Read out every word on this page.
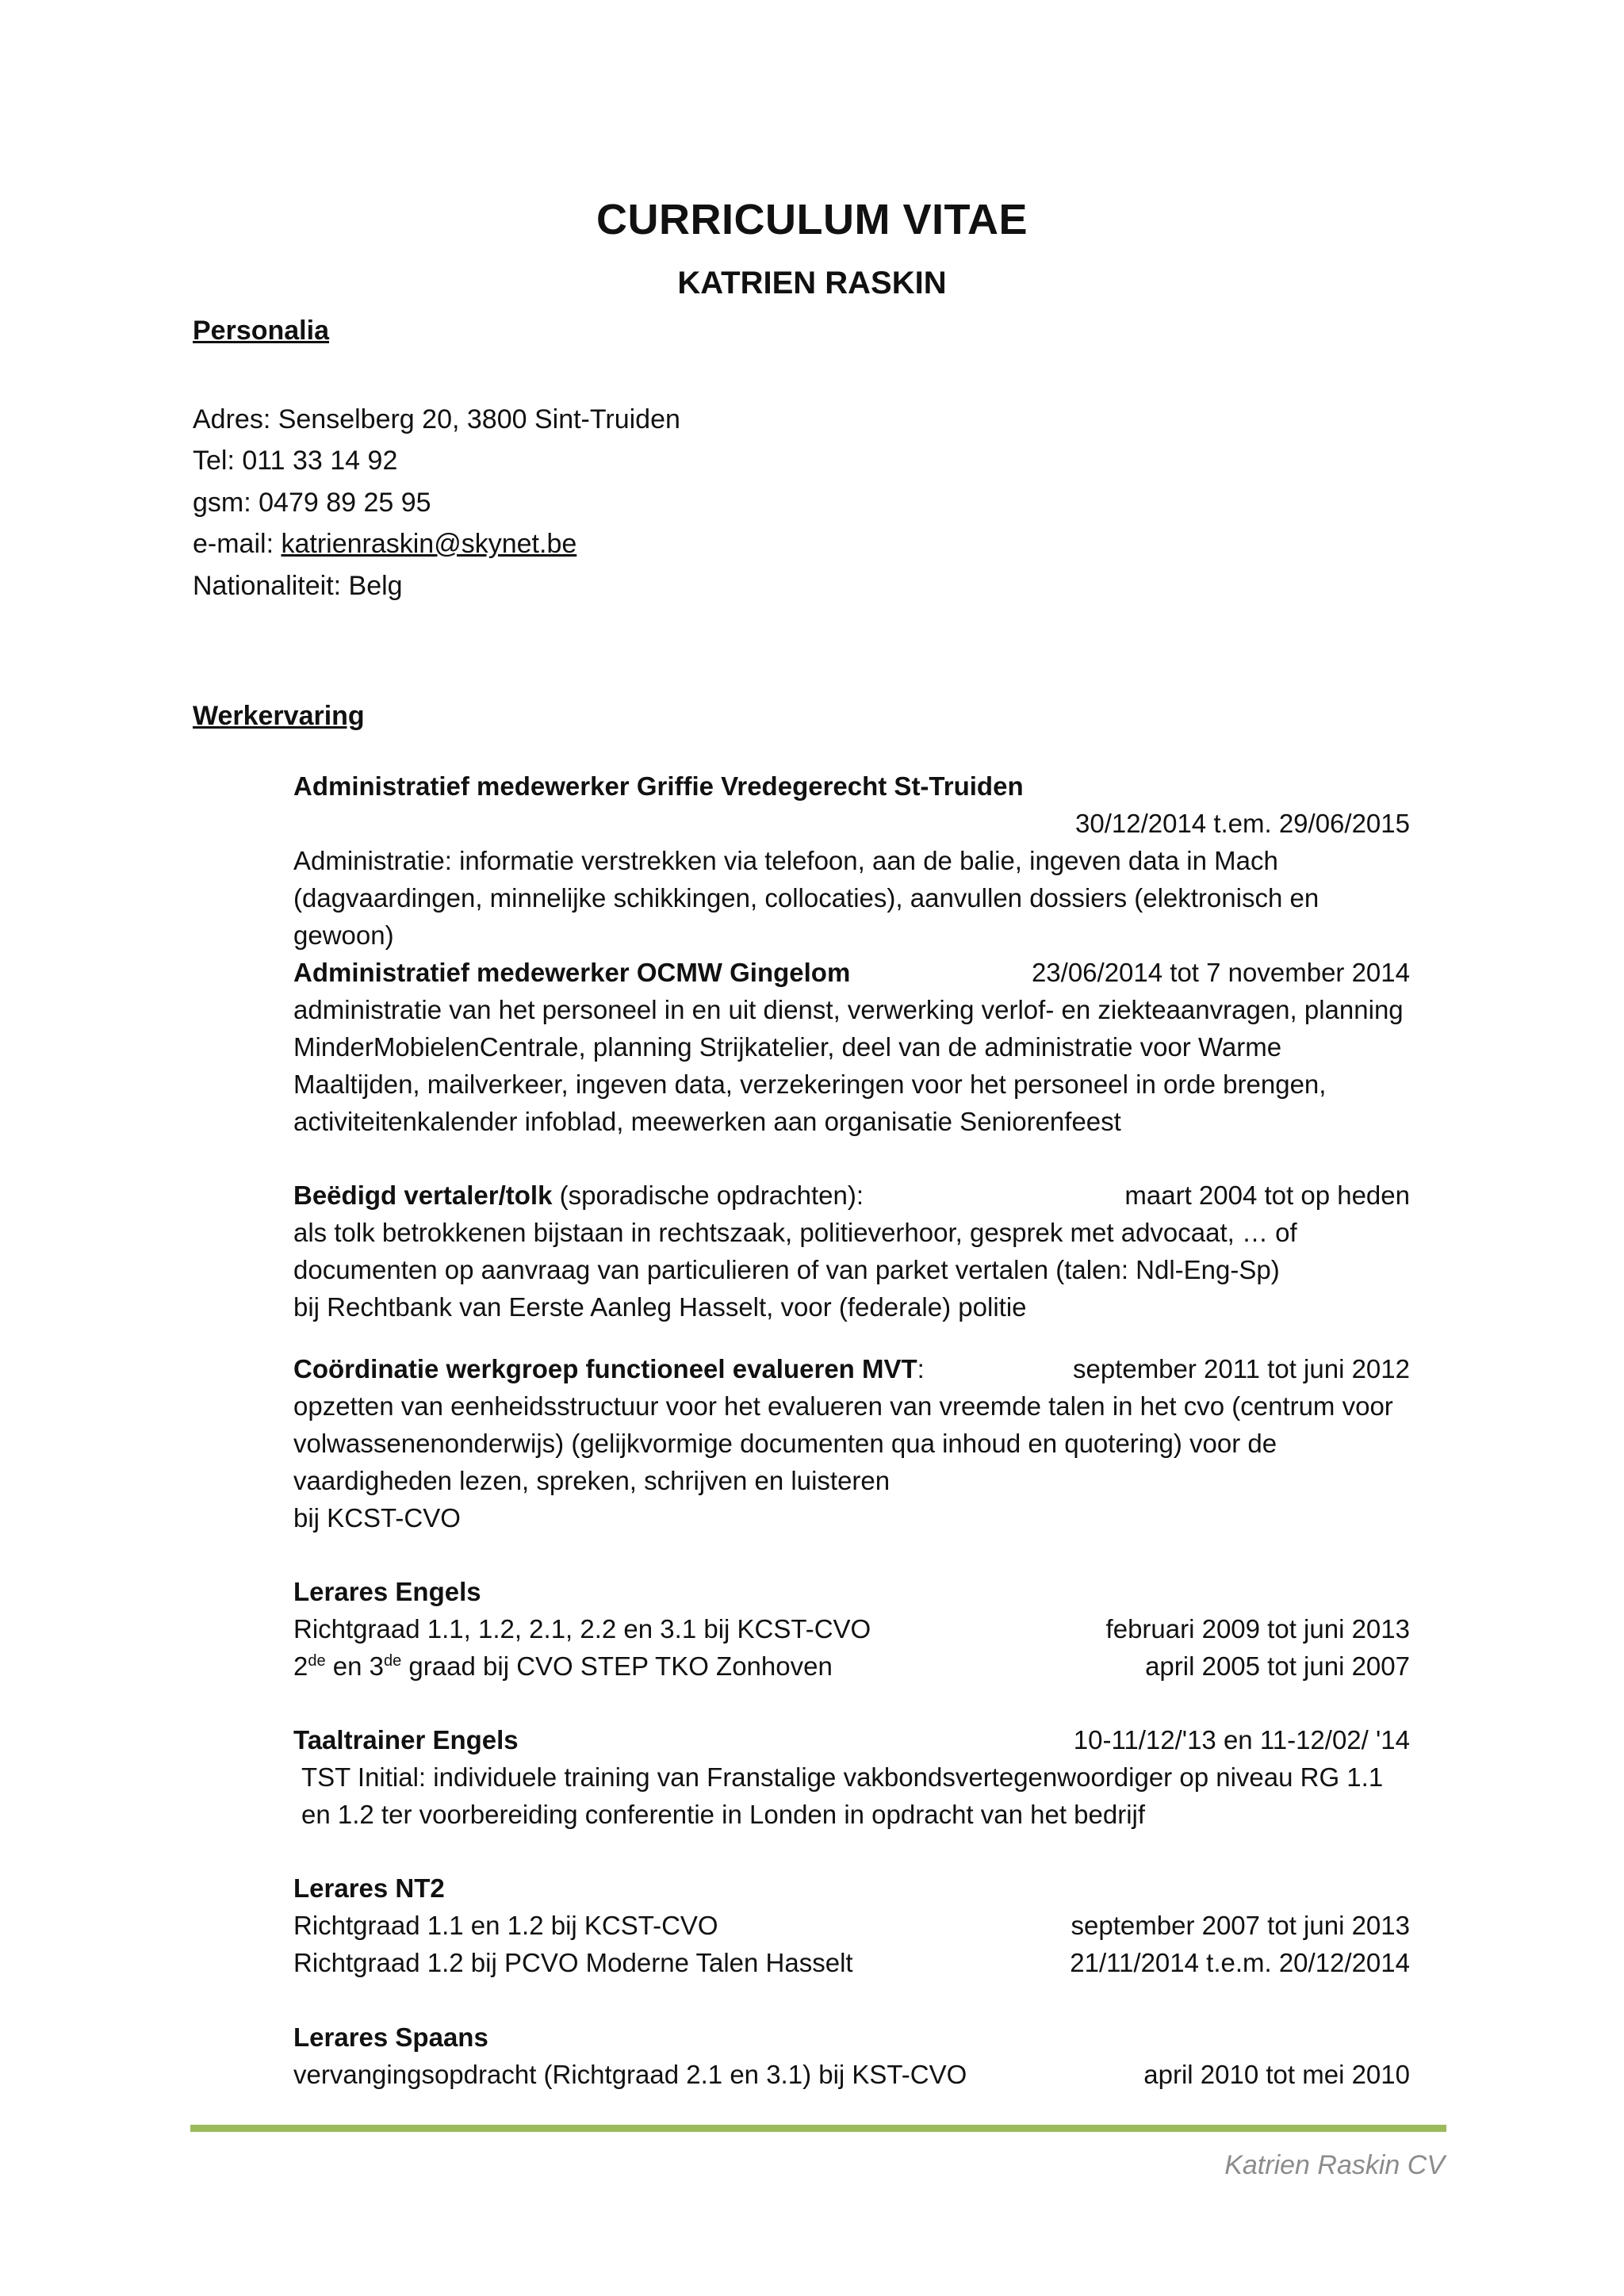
CURRICULUM VITAE
KATRIEN RASKIN
Personalia
Adres: Senselberg 20, 3800 Sint-Truiden
Tel: 011 33 14 92
gsm: 0479 89 25 95
e-mail: katrienraskin@skynet.be
Nationaliteit: Belg
Werkervaring
Administratief medewerker Griffie Vredegerecht St-Truiden
30/12/2014 t.em. 29/06/2015
Administratie: informatie verstrekken via telefoon, aan de balie, ingeven data in Mach (dagvaardingen, minnelijke schikkingen, collocaties), aanvullen dossiers (elektronisch en gewoon)
Administratief medewerker OCMW Gingelom	23/06/2014 tot 7 november 2014
administratie van het personeel in en uit dienst, verwerking verlof- en ziekteaanvragen, planning MinderMobielenCentrale, planning Strijkatelier, deel van de administratie voor Warme Maaltijden, mailverkeer, ingeven data, verzekeringen voor het personeel in orde brengen, activiteitenkalender infoblad, meewerken aan organisatie Seniorenfeest
Beëdigd vertaler/tolk (sporadische opdrachten):	maart 2004 tot op heden
als tolk betrokkenen bijstaan in rechtszaak, politieverhoor, gesprek met advocaat, … of
documenten op aanvraag van particulieren of van parket vertalen (talen: Ndl-Eng-Sp)
bij Rechtbank van Eerste Aanleg Hasselt, voor (federale) politie
Coördinatie werkgroep functioneel evalueren MVT:	september 2011 tot juni 2012
opzetten van eenheidsstructuur voor het evalueren van vreemde talen in het cvo (centrum voor volwassenenonderwijs) (gelijkvormige documenten qua inhoud en quotering) voor de vaardigheden lezen, spreken, schrijven en luisteren
bij KCST-CVO
Lerares Engels
Richtgraad 1.1, 1.2, 2.1, 2.2 en 3.1 bij KCST-CVO	februari 2009 tot juni 2013
2de en 3de graad bij CVO STEP TKO Zonhoven	april 2005 tot juni 2007
Taaltrainer Engels	10-11/12/'13 en 11-12/02/ '14
TST Initial: individuele training van Franstalige vakbondsvertegenwoordiger op niveau RG 1.1 en 1.2 ter voorbereiding conferentie in Londen in opdracht van het bedrijf
Lerares NT2
Richtgraad 1.1 en 1.2 bij KCST-CVO	september 2007 tot juni 2013
Richtgraad 1.2 bij PCVO Moderne Talen Hasselt	21/11/2014 t.e.m. 20/12/2014
Lerares Spaans
vervangingsopdracht (Richtgraad 2.1 en 3.1) bij KST-CVO	april 2010 tot mei 2010
Katrien Raskin CV
